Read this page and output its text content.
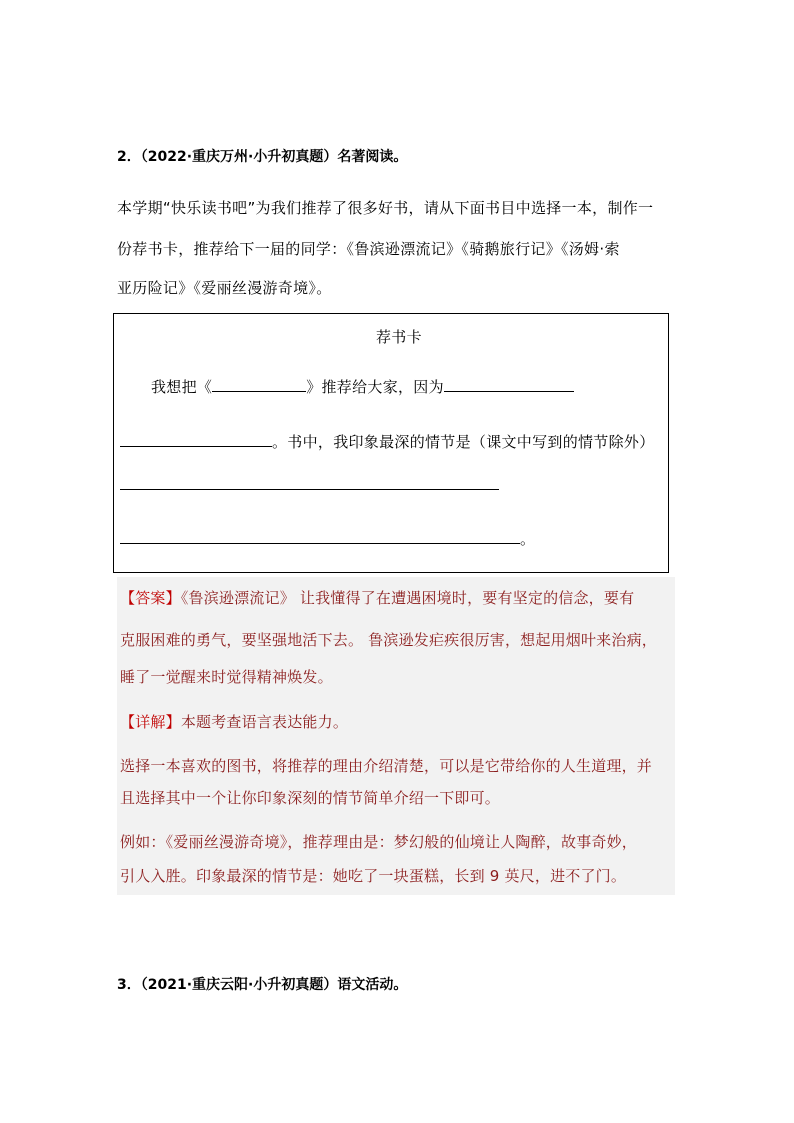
2．（2022·重庆万州·小升初真题）名著阅读。
本学期“快乐读书吧”为我们推荐了很多好书，请从下面书目中选择一本，制作一
份荐书卡，推荐给下一届的同学：《鲁滨逊漂流记》《骑鹅旅行记》《汤姆·索
亚历险记》《爱丽丝漫游奇境》。
荐书卡
我想把《	》推荐给大家，因为
。书中，我印象最深的情节是（课文中写到的情节除外）
。
【答案】《鲁滨逊漂流记》 让我懂得了在遭遇困境时，要有坚定的信念，要有
克服困难的勇气，要坚强地活下去。 鲁滨逊发疟疾很厉害，想起用烟叶来治病，
睡了一觉醒来时觉得精神焕发。
【详解】本题考查语言表达能力。
选择一本喜欢的图书，将推荐的理由介绍清楚，可以是它带给你的人生道理，并
且选择其中一个让你印象深刻的情节简单介绍一下即可。
例如：《爱丽丝漫游奇境》，推荐理由是：梦幻般的仙境让人陶醉，故事奇妙，
引人入胜。印象最深的情节是：她吃了一块蛋糕，长到 9 英尺，进不了门。
3．（2021·重庆云阳·小升初真题）语文活动。
